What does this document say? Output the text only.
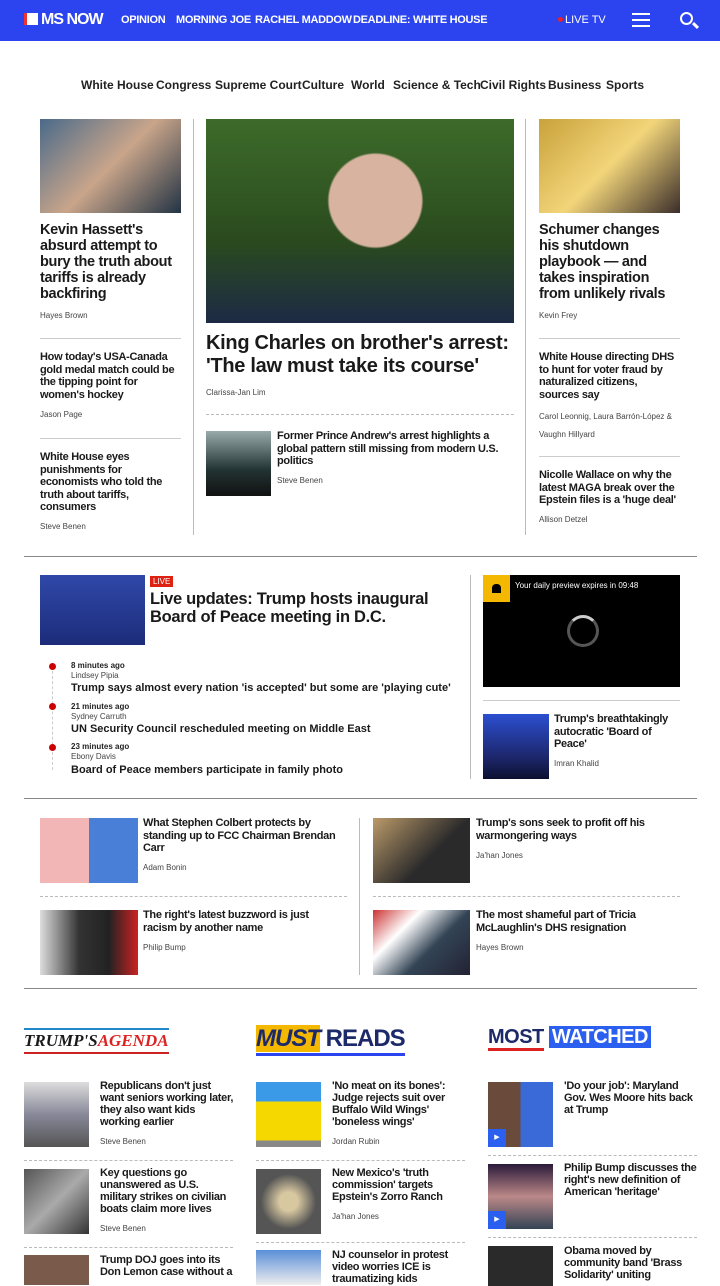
MS NOW OPINION MORNING JOE RACHEL MADDOW DEADLINE: WHITE HOUSE	LIVE TV
White House Congress Supreme Court Culture World Science & Tech Civil Rights Business Sports
Kevin Hassett's absurd attempt to bury the truth about tariffs is already backfiring
Hayes Brown
How today's USA-Canada gold medal match could be the tipping point for women's hockey
Jason Page
White House eyes punishments for economists who told the truth about tariffs, consumers
Steve Benen
King Charles on brother's arrest: 'The law must take its course'
Clarissa-Jan Lim
Former Prince Andrew's arrest highlights a global pattern still missing from modern U.S. politics
Steve Benen
Schumer changes his shutdown playbook — and takes inspiration from unlikely rivals
Kevin Frey
White House directing DHS to hunt for voter fraud by naturalized citizens, sources say
Carol Leonnig, Laura Barrón-López & Vaughn Hillyard
Nicolle Wallace on why the latest MAGA break over the Epstein files is a 'huge deal'
Allison Detzel
LIVE
Live updates: Trump hosts inaugural Board of Peace meeting in D.C.
8 minutes ago
Lindsey Pipia
Trump says almost every nation 'is accepted' but some are 'playing cute'
21 minutes ago
Sydney Carruth
UN Security Council rescheduled meeting on Middle East
23 minutes ago
Ebony Davis
Board of Peace members participate in family photo
Your daily preview expires in 09:48
Trump's breathtakingly autocratic 'Board of Peace'
Imran Khalid
What Stephen Colbert protects by standing up to FCC Chairman Brendan Carr
Adam Bonin
Trump's sons seek to profit off his warmongering ways
Ja'han Jones
The right's latest buzzword is just racism by another name
Philip Bump
The most shameful part of Tricia McLaughlin's DHS resignation
Hayes Brown
TRUMP'SAGENDA	MUST READS	MOST WATCHED
Republicans don't just want seniors working later, they also want kids working earlier
Steve Benen
Key questions go unanswered as U.S. military strikes on civilian boats claim more lives
Steve Benen
Trump DOJ goes into its Don Lemon case without a
'No meat on its bones': Judge rejects suit over Buffalo Wild Wings' 'boneless wings'
Jordan Rubin
New Mexico's 'truth commission' targets Epstein's Zorro Ranch
Ja'han Jones
NJ counselor in protest video worries ICE is traumatizing kids
▶
'Do your job': Maryland Gov. Wes Moore hits back at Trump
▶
Philip Bump discusses the right's new definition of American 'heritage'
Obama moved by community band 'Brass Solidarity' uniting
